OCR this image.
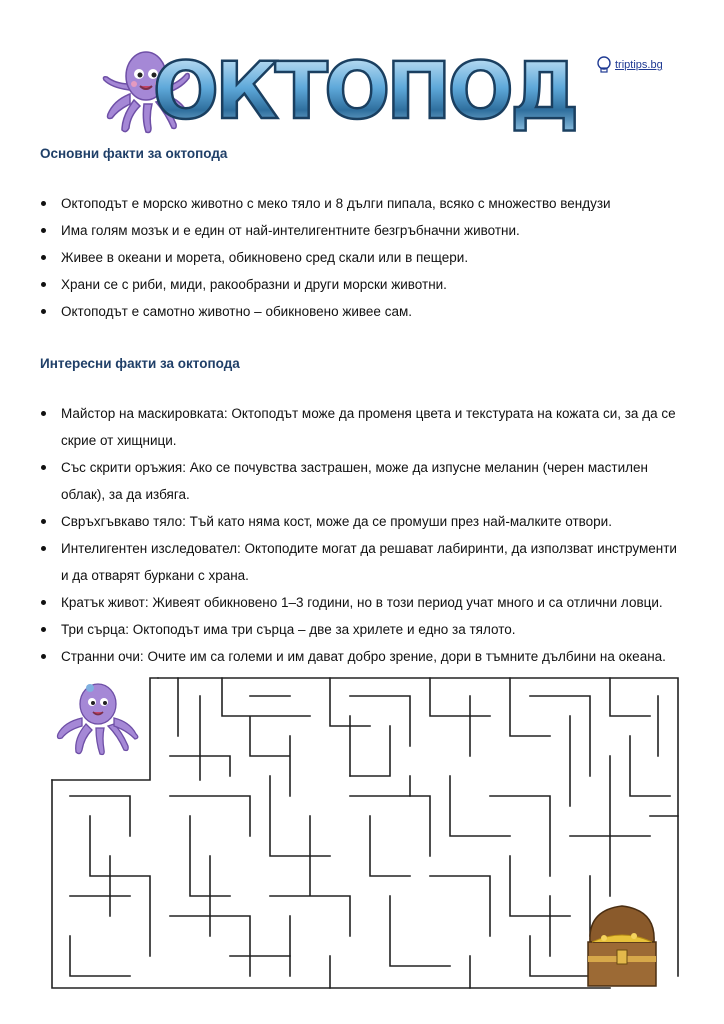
ОКТОПОД	triptips.bg
Основни факти за октопода
Октоподът е морско животно с меко тяло и 8 дълги пипала, всяко с множество вендузи
Има голям мозък и е един от най-интелигентните безгръбначни животни.
Живее в океани и морета, обикновено сред скали или в пещери.
Храни се с риби, миди, ракообразни и други морски животни.
Октоподът е самотно животно – обикновено живее сам.
Интересни факти за октопода
Майстор на маскировката: Октоподът може да променя цвета и текстурата на кожата си, за да се скрие от хищници.
Със скрити оръжия: Ако се почувства застрашен, може да изпусне меланин (черен мастилен облак), за да избяга.
Свръхгъвкаво тяло: Тъй като няма кост, може да се промуши през най-малките отвори.
Интелигентен изследовател: Октоподите могат да решават лабиринти, да използват инструменти и да отварят буркани с храна.
Кратък живот: Живеят обикновено 1–3 години, но в този период учат много и са отлични ловци.
Три сърца: Октоподът има три сърца – две за хрилете и едно за тялото.
Странни очи: Очите им са големи и им дават добро зрение, дори в тъмните дълбини на океана.
